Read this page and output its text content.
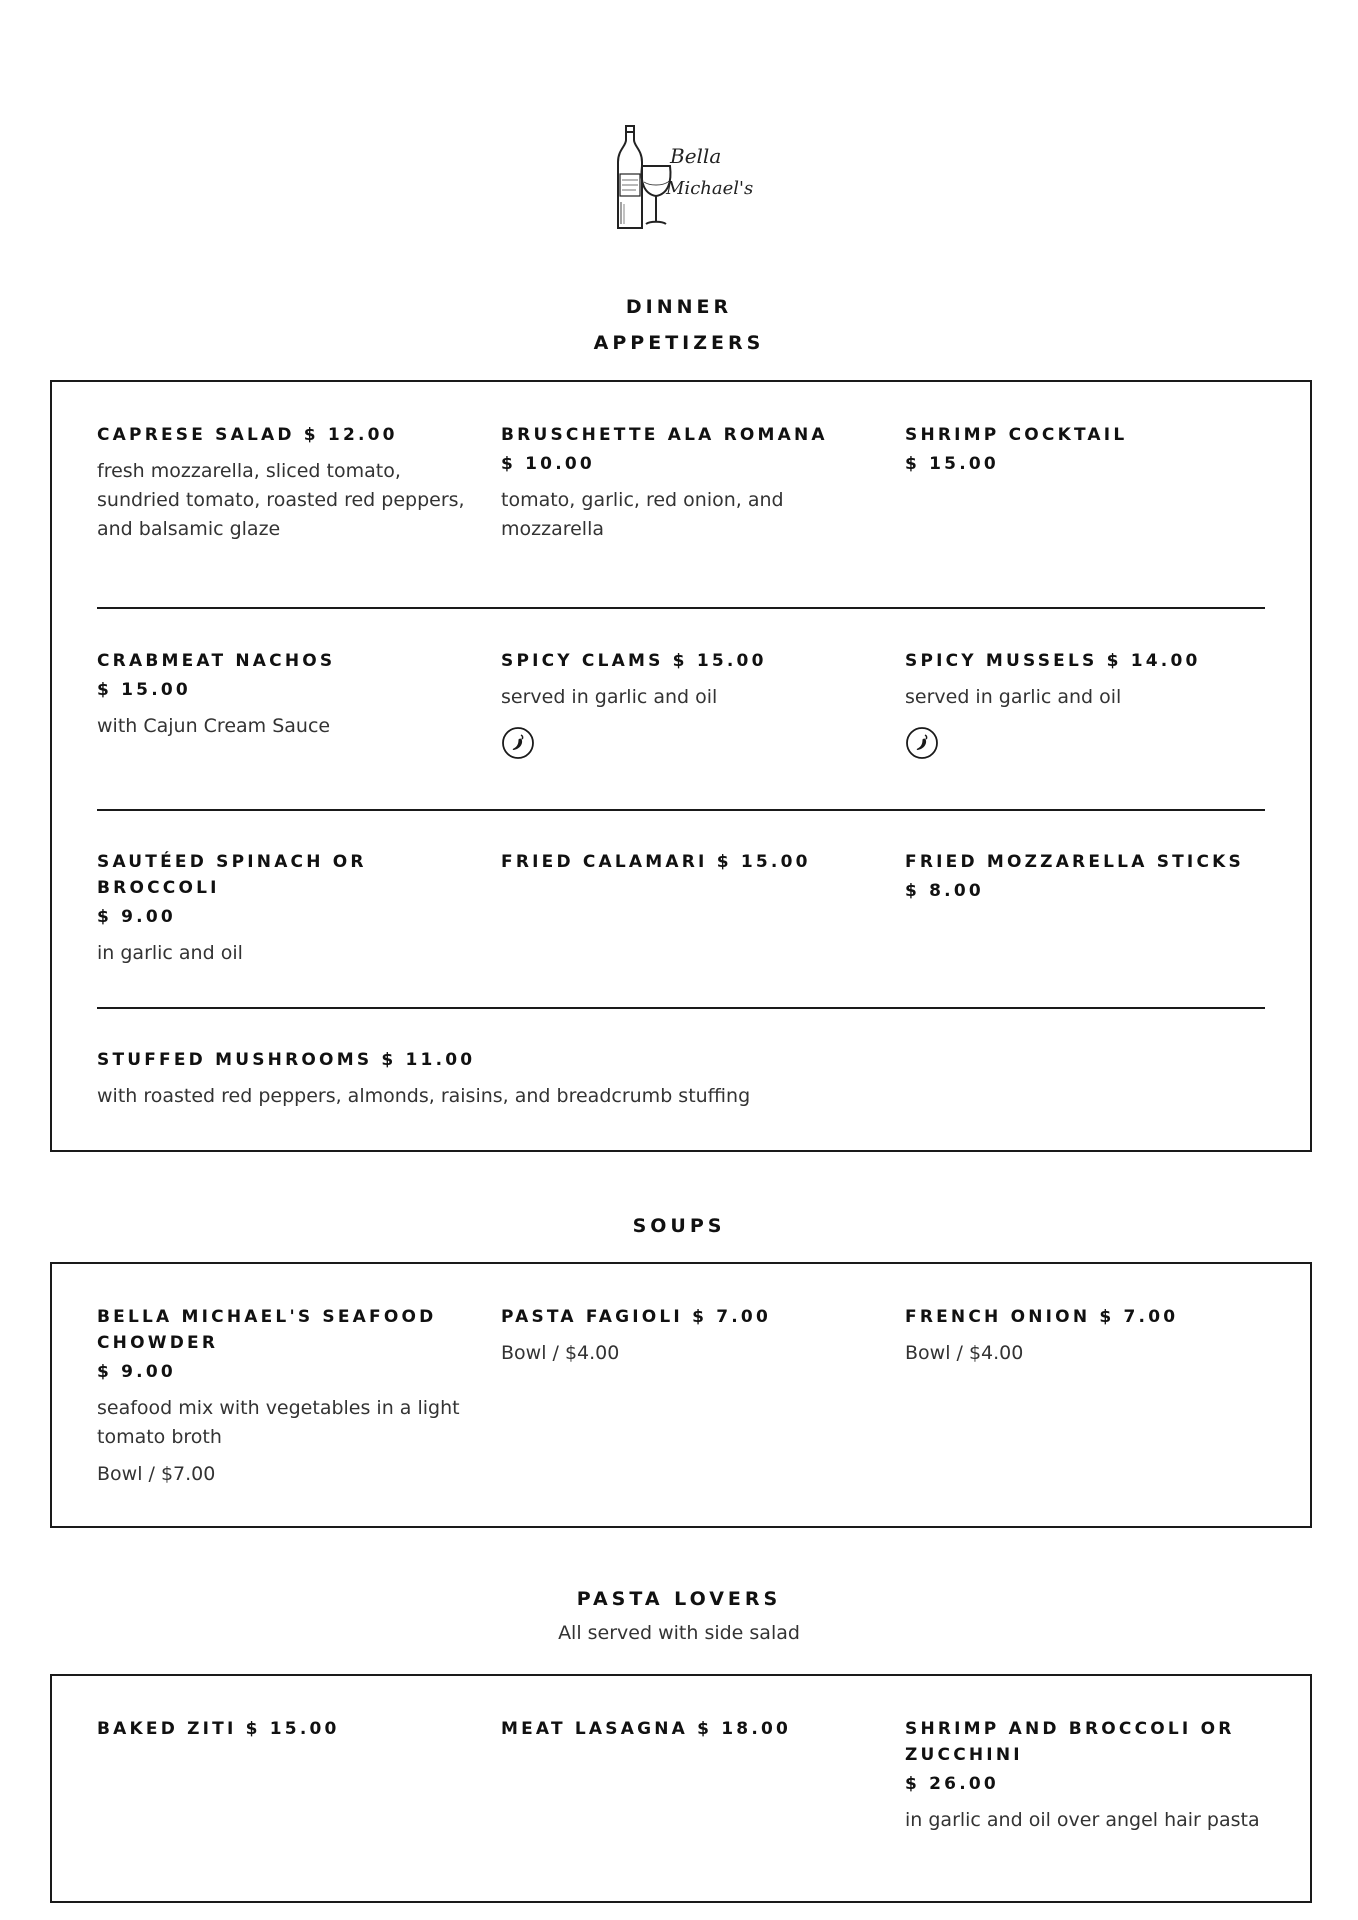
Bella
Michael's
DINNER
APPETIZERS
CAPRESE SALAD $ 12.00
fresh mozzarella, sliced tomato, sundried tomato, roasted red peppers, and balsamic glaze
BRUSCHETTE ALA ROMANA
$ 10.00
tomato, garlic, red onion, and mozzarella
SHRIMP COCKTAIL
$ 15.00
CRABMEAT NACHOS
$ 15.00
with Cajun Cream Sauce
SPICY CLAMS $ 15.00
served in garlic and oil
SPICY MUSSELS $ 14.00
served in garlic and oil
SAUTÉED SPINACH OR BROCCOLI
$ 9.00
in garlic and oil
FRIED CALAMARI $ 15.00	FRIED MOZZARELLA STICKS
$ 8.00
STUFFED MUSHROOMS $ 11.00
with roasted red peppers, almonds, raisins, and breadcrumb stuffing
SOUPS
BELLA MICHAEL'S SEAFOOD CHOWDER
$ 9.00
seafood mix with vegetables in a light tomato broth
Bowl / $7.00
PASTA FAGIOLI $ 7.00
Bowl / $4.00
FRENCH ONION $ 7.00
Bowl / $4.00
PASTA LOVERS

All served with side salad

BAKED ZITI $ 15.00	MEAT LASAGNA $ 18.00	SHRIMP AND BROCCOLI OR ZUCCHINI
$ 26.00
in garlic and oil over angel hair pasta
